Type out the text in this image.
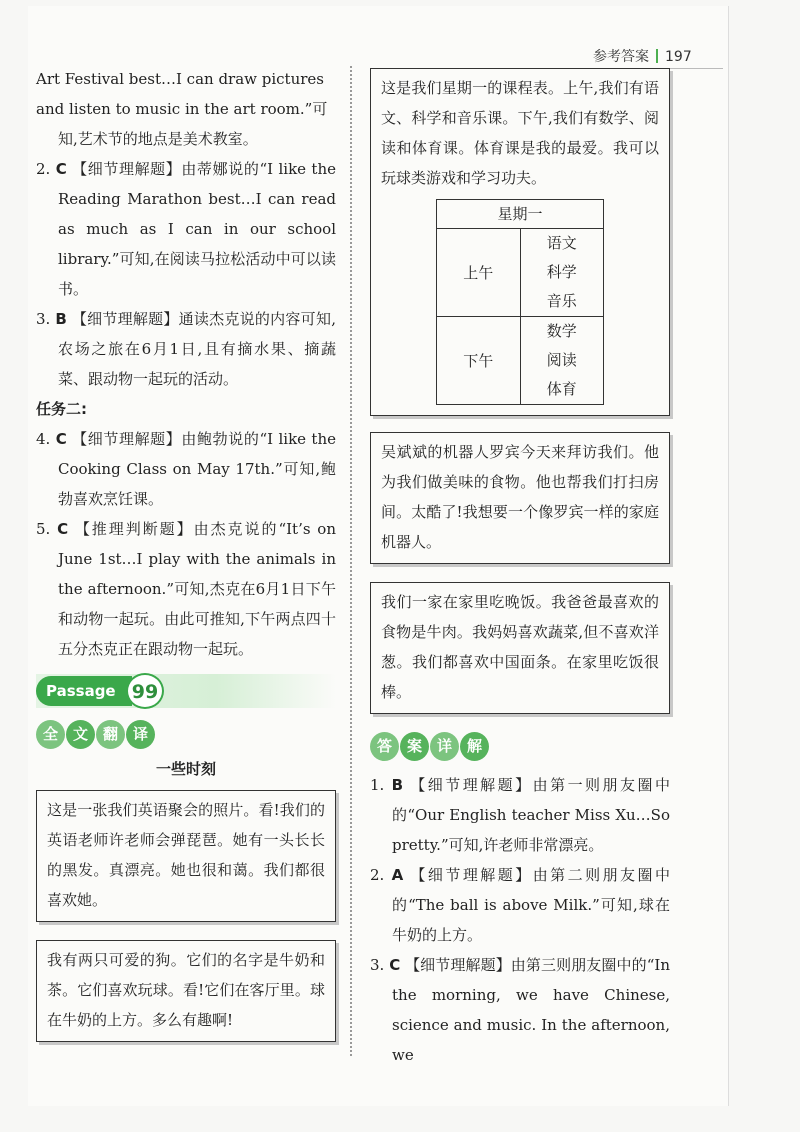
参考答案 197

Art Festival best…I can draw pictures

and listen to music in the art room.”可

知,艺术节的地点是美术教室。

2. C 【细节理解题】由蒂娜说的“I like the Reading Marathon best…I can read as much as I can in our school library.”可知,在阅读马拉松活动中可以读书。

3. B 【细节理解题】通读杰克说的内容可知,农场之旅在6月1日,且有摘水果、摘蔬菜、跟动物一起玩的活动。

任务二:

4. C 【细节理解题】由鲍勃说的“I like the Cooking Class on May 17th.”可知,鲍勃喜欢烹饪课。

5. C 【推理判断题】由杰克说的“It’s on June 1st…I play with the animals in the afternoon.”可知,杰克在6月1日下午和动物一起玩。由此可推知,下午两点四十五分杰克正在跟动物一起玩。

Passage 99
全 文 翻 译

一些时刻

这是一张我们英语聚会的照片。看!我们的英语老师许老师会弹琵琶。她有一头长长的黑发。真漂亮。她也很和蔼。我们都很喜欢她。
我有两只可爱的狗。它们的名字是牛奶和茶。它们喜欢玩球。看!它们在客厅里。球在牛奶的上方。多么有趣啊!
这是我们星期一的课程表。上午,我们有语文、科学和音乐课。下午,我们有数学、阅读和体育课。体育课是我的最爱。我可以玩球类游戏和学习功夫。
星期一	
上午	语文
科学
音乐

下午	数学
阅读
体育
吴斌斌的机器人罗宾今天来拜访我们。他为我们做美味的食物。他也帮我们打扫房间。太酷了!我想要一个像罗宾一样的家庭机器人。
我们一家在家里吃晚饭。我爸爸最喜欢的食物是牛肉。我妈妈喜欢蔬菜,但不喜欢洋葱。我们都喜欢中国面条。在家里吃饭很棒。
答 案 详 解

1. B 【细节理解题】由第一则朋友圈中的“Our English teacher Miss Xu…So pretty.”可知,许老师非常漂亮。

2. A 【细节理解题】由第二则朋友圈中的“The ball is above Milk.”可知,球在牛奶的上方。

3. C 【细节理解题】由第三则朋友圈中的“In the morning, we have Chinese, science and music. In the afternoon, we
